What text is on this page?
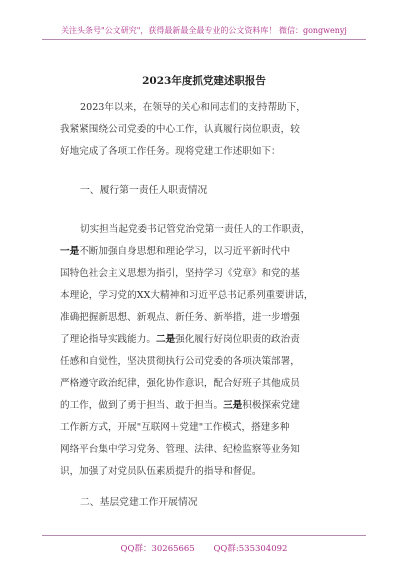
关注头条号"公文研究"，获得最新最全最专业的公文资料库！ 微信：gongwenyj
2023年度抓党建述职报告
2023年以来，在领导的关心和同志们的支持帮助下，
我紧紧围绕公司党委的中心工作，认真履行岗位职责，较
好地完成了各项工作任务。现将党建工作述职如下：
一、履行第一责任人职责情况
切实担当起党委书记管党治党第一责任人的工作职责，
一是不断加强自身思想和理论学习，以习近平新时代中
国特色社会主义思想为指引，坚持学习《党章》和党的基
本理论，学习党的XX大精神和习近平总书记系列重要讲话，
准确把握新思想、新观点、新任务、新举措，进一步增强
了理论指导实践能力。二是强化履行好岗位职责的政治责
任感和自觉性，坚决贯彻执行公司党委的各项决策部署，
严格遵守政治纪律，强化协作意识，配合好班子其他成员
的工作，做到了勇于担当、敢于担当。三是积极探索党建
工作新方式，开展"互联网＋党建"工作模式，搭建多种
网络平台集中学习党务、管理、法律、纪检监察等业务知
识，加强了对党员队伍素质提升的指导和督促。
二、基层党建工作开展情况
QQ群：30265665 QQ群:535304092
